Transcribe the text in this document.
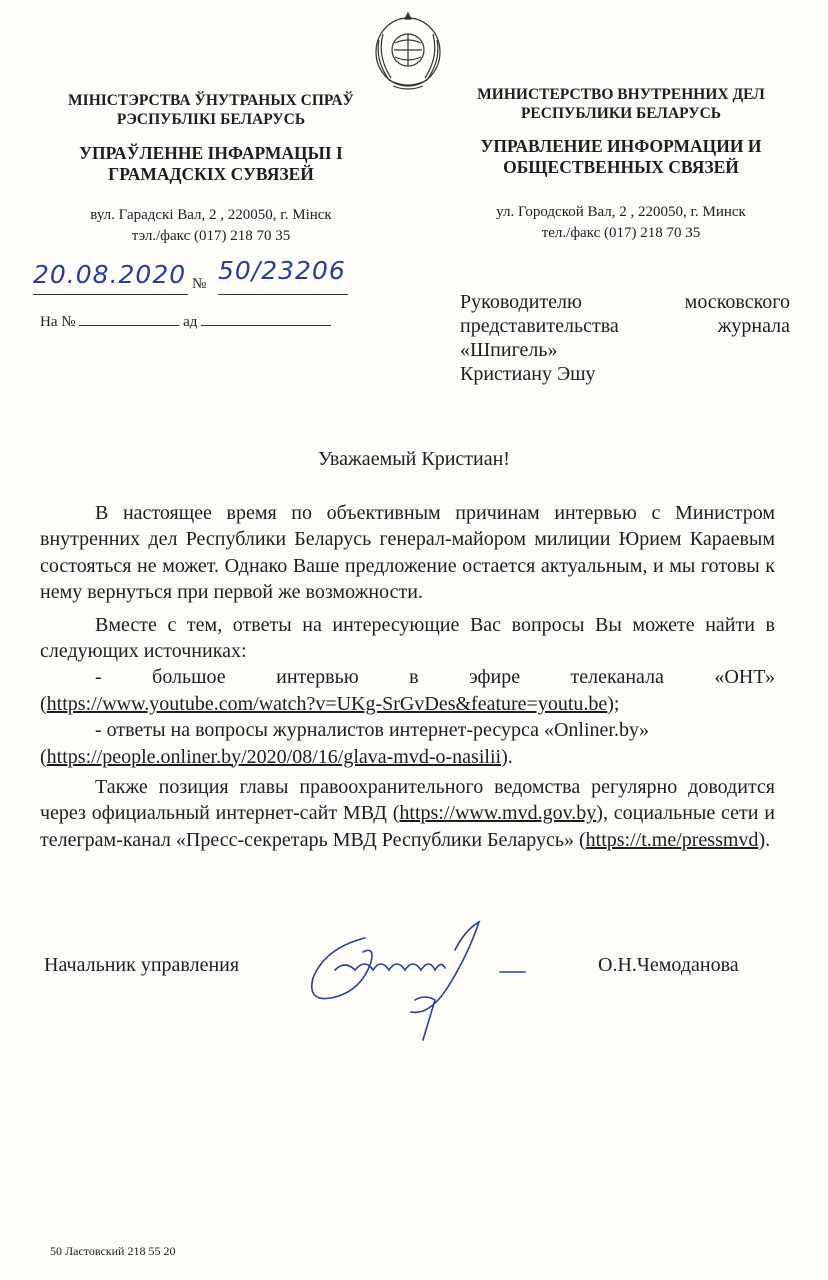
МІНІСТЭРСТВА ЎНУТРАНЫХ СПРАЎ РЭСПУБЛІКІ БЕЛАРУСЬ
УПРАЎЛЕННЕ ІНФАРМАЦЫІ І ГРАМАДСКІХ СУВЯЗЕЙ
вул. Гарадскі Вал, 2 , 220050, г. Мінск
тэл./факс (017) 218 70 35
МИНИСТЕРСТВО ВНУТРЕННИХ ДЕЛ РЕСПУБЛИКИ БЕЛАРУСЬ
УПРАВЛЕНИЕ ИНФОРМАЦИИ И ОБЩЕСТВЕННЫХ СВЯЗЕЙ
ул. Городской Вал, 2 , 220050, г. Минск
тел./факс (017) 218 70 35
20.08.2020 № 50/23206
На №	ад
Руководителю	московского
представительства	журнала
«Шпигель»
Кристиану Эшу
Уважаемый Кристиан!

В настоящее время по объективным причинам интервью с Министром внутренних дел Республики Беларусь генерал-майором милиции Юрием Караевым состояться не может. Однако Ваше предложение остается актуальным, и мы готовы к нему вернуться при первой же возможности.

Вместе с тем, ответы на интересующие Вас вопросы Вы можете найти в следующих источниках:

- большое интервью в эфире телеканала «ОНТ»

(https://www.youtube.com/watch?v=UKg-SrGvDes&feature=youtu.be);

- ответы на вопросы журналистов интернет-ресурса «Onliner.by»

(https://people.onliner.by/2020/08/16/glava-mvd-o-nasilii).

Также позиция главы правоохранительного ведомства регулярно доводится через официальный интернет-сайт МВД (https://www.mvd.gov.by), социальные сети и телеграм-канал «Пресс-секретарь МВД Республики Беларусь» (https://t.me/pressmvd).

Начальник управления	О.Н.Чемоданова
50 Ластовский 218 55 20
